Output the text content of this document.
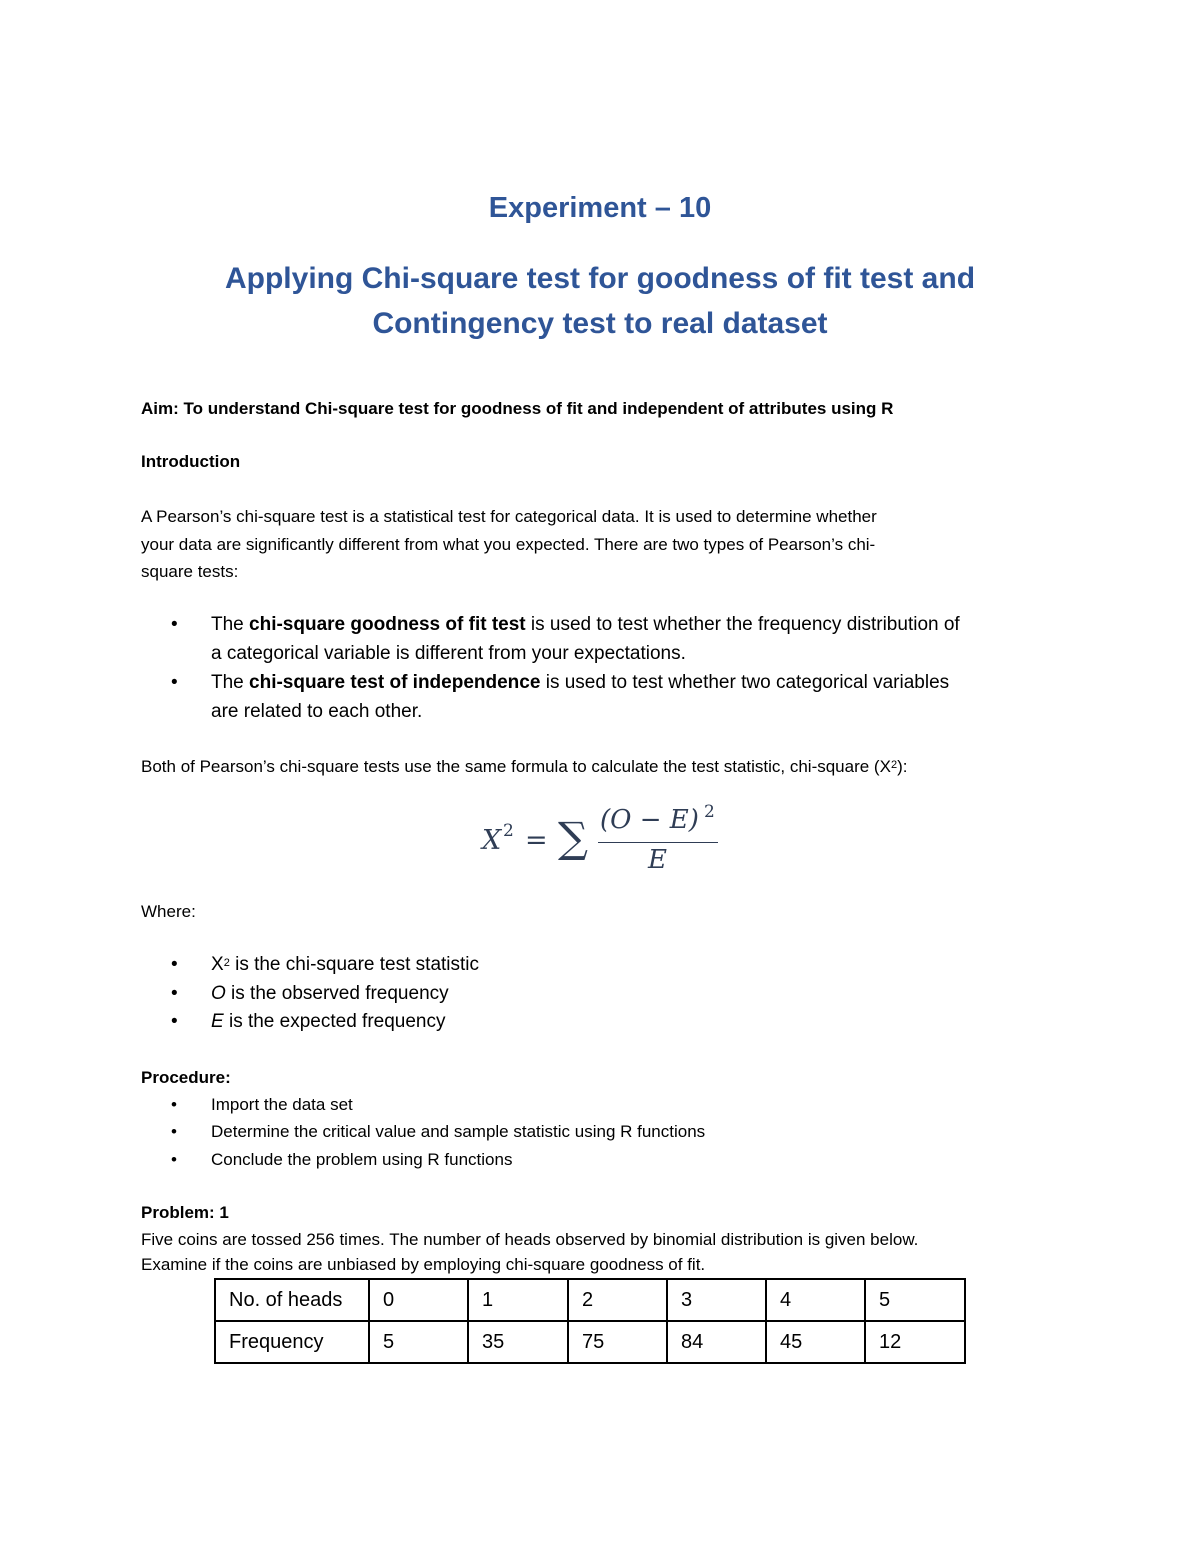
Experiment – 10
Applying Chi-square test for goodness of fit test and
Contingency test to real dataset
Aim: To understand Chi-square test for goodness of fit and independent of attributes using R
Introduction
A Pearson’s chi-square test is a statistical test for categorical data. It is used to determine whether
your data are significantly different from what you expected. There are two types of Pearson’s chi-
square tests:
• The chi-square goodness of fit test is used to test whether the frequency distribution of
a categorical variable is different from your expectations.
• The chi-square test of independence is used to test whether two categorical variables
are related to each other.
Both of Pearson’s chi-square tests use the same formula to calculate the test statistic, chi-square $(X^2)$:
X 2 = ∑ (O − E) 2
E
Where:
• $X^2$ is the chi-square test statistic
• O is the observed frequency
• E is the expected frequency
Procedure:
• Import the data set
• Determine the critical value and sample statistic using R functions
• Conclude the problem using R functions
Problem: 1
Five coins are tossed 256 times. The number of heads observed by binomial distribution is given below.
Examine if the coins are unbiased by employing chi-square goodness of fit.
No. of heads	0	1	2	3	4	5
Frequency	5	35	75	84	45	12
